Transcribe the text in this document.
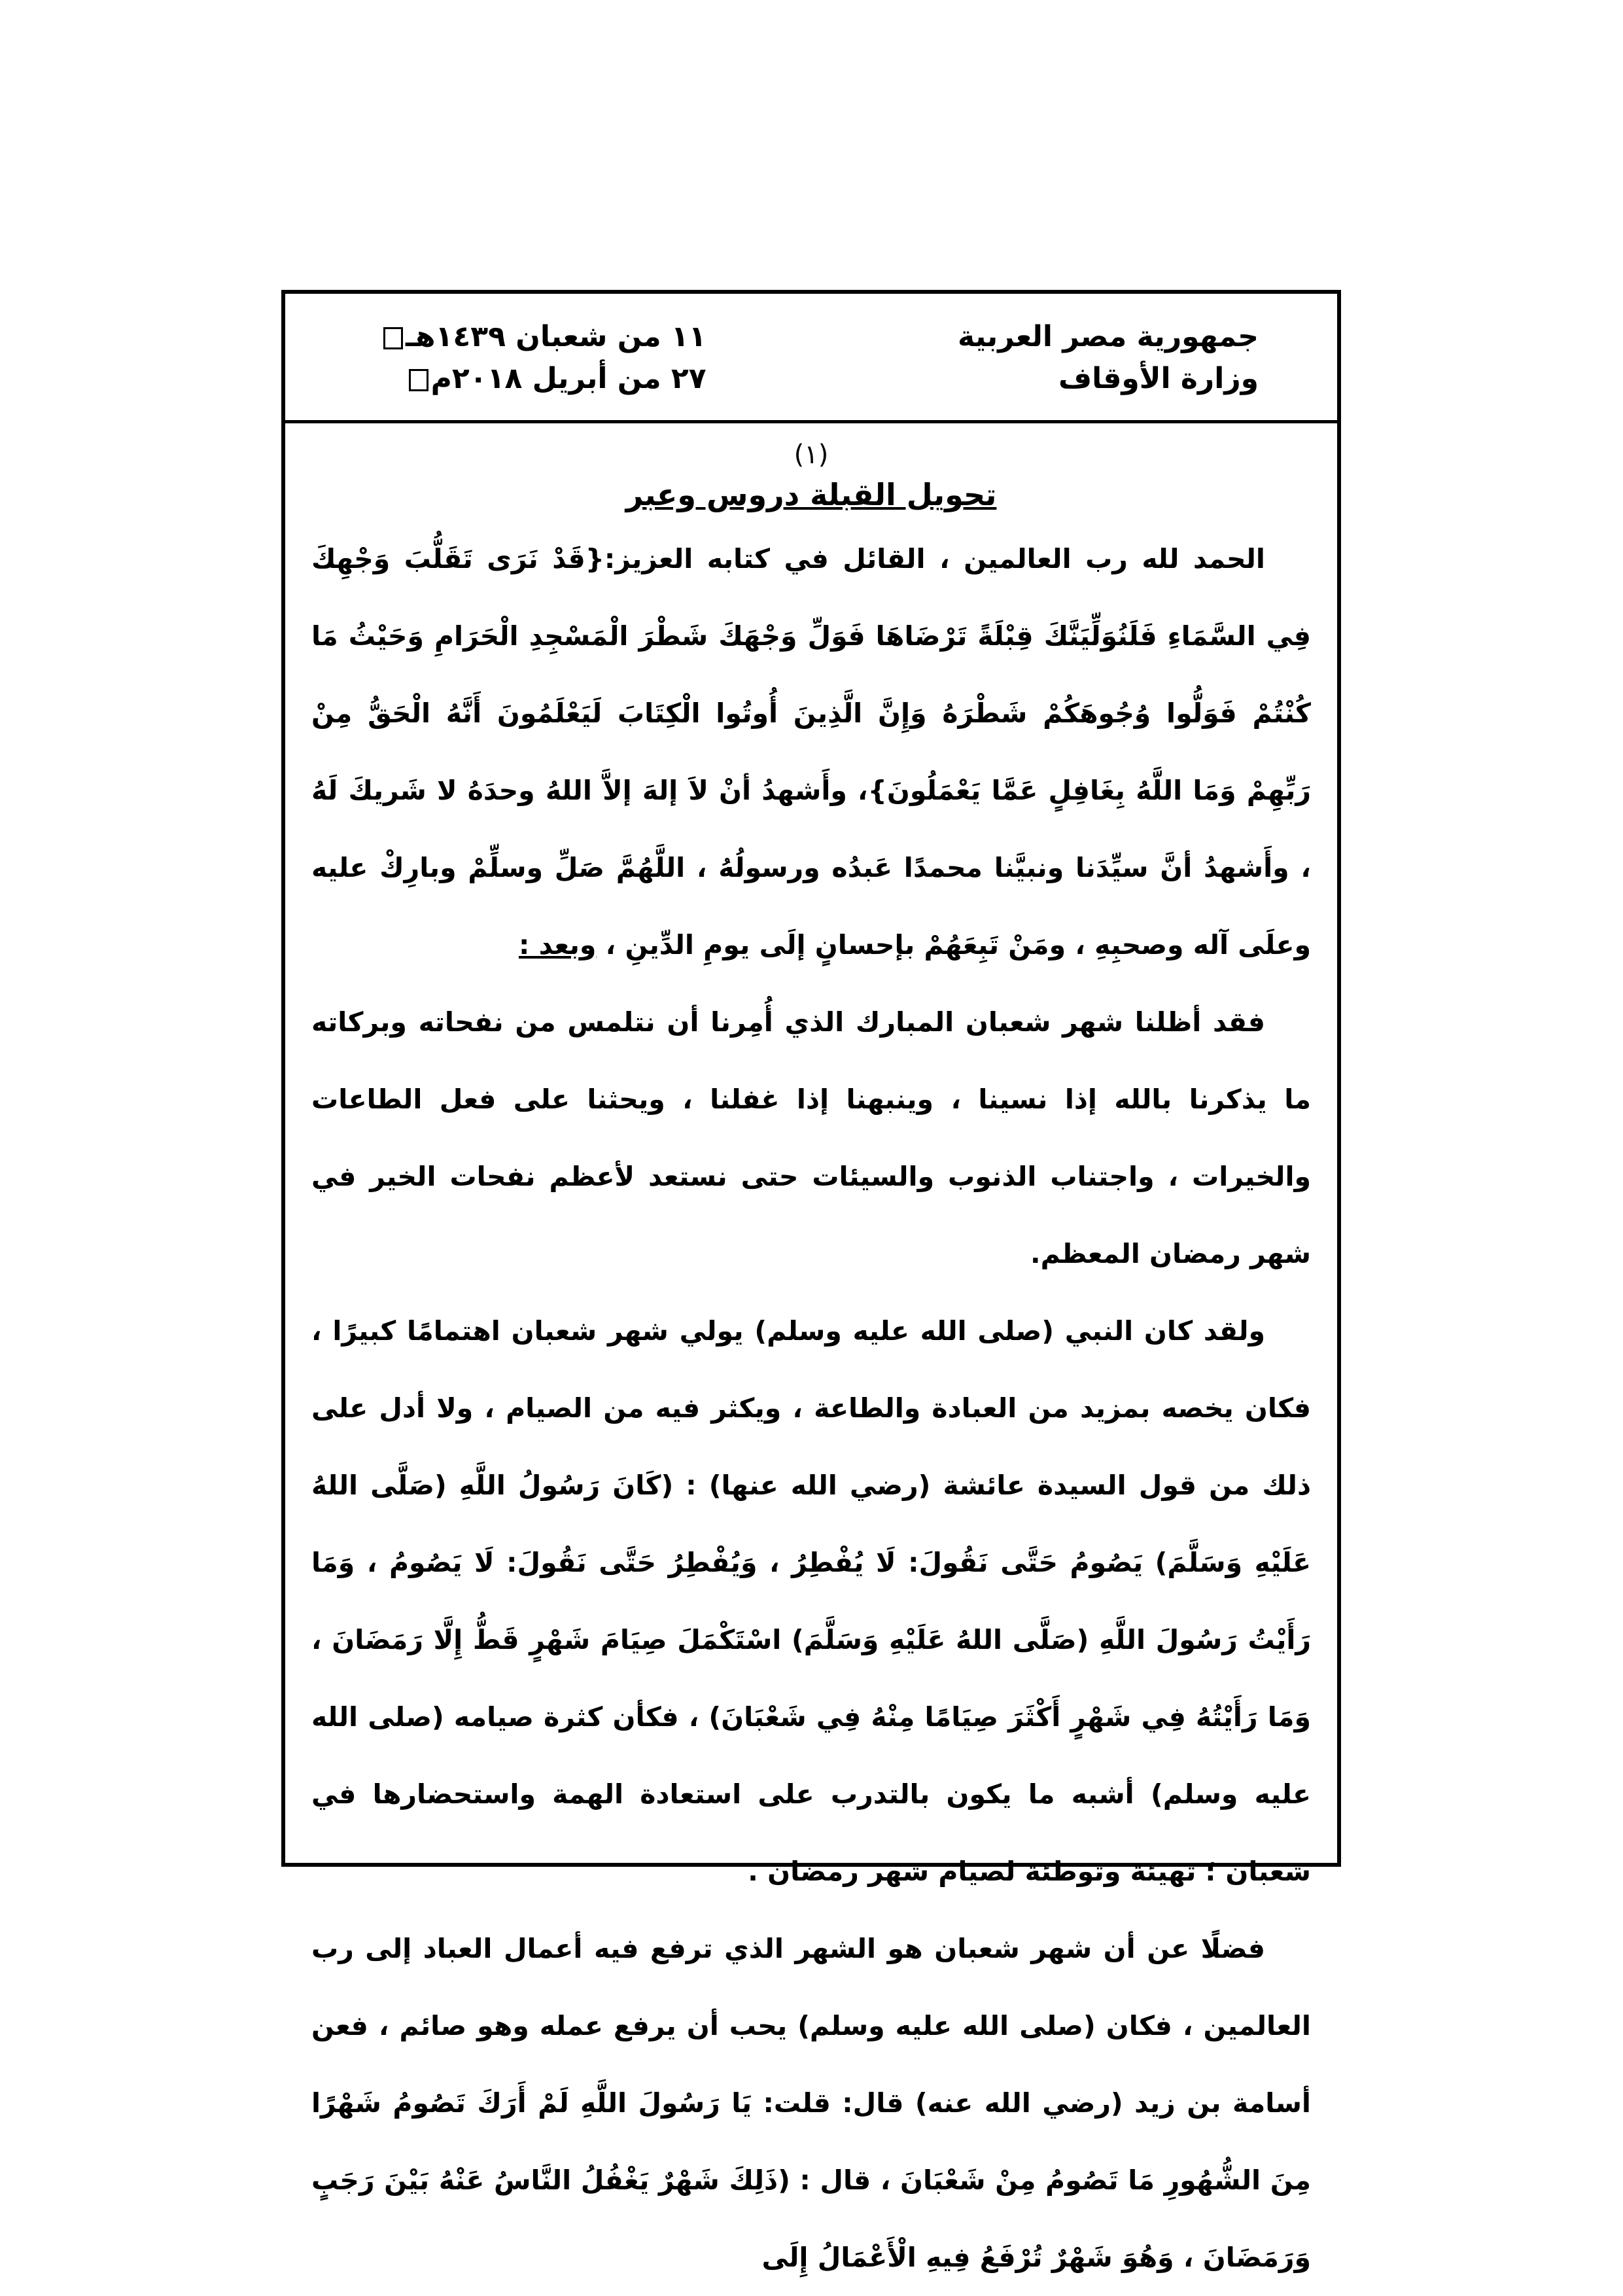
جمهورية مصر العربية
وزارة الأوقاف
١١ من شعبان ١٤٣٩هـ
٢٧ من أبريل ٢٠١٨م
(١)
تحويل القبلة دروس وعبر

الحمد لله رب العالمين ، القائل في كتابه العزيز:{قَدْ نَرَى تَقَلُّبَ وَجْهِكَ فِي السَّمَاءِ فَلَنُوَلِّيَنَّكَ قِبْلَةً تَرْضَاهَا فَوَلِّ وَجْهَكَ شَطْرَ الْمَسْجِدِ الْحَرَامِ وَحَيْثُ مَا كُنْتُمْ فَوَلُّوا وُجُوهَكُمْ شَطْرَهُ وَإِنَّ الَّذِينَ أُوتُوا الْكِتَابَ لَيَعْلَمُونَ أَنَّهُ الْحَقُّ مِنْ رَبِّهِمْ وَمَا اللَّهُ بِغَافِلٍ عَمَّا يَعْمَلُونَ}، وأَشهدُ أنْ لاَ إلهَ إلاَّ اللهُ وحدَهُ لا شَريكَ لَهُ ، وأَشهدُ أنَّ سيِّدَنا ونبيَّنا محمدًا عَبدُه ورسولُهُ ، اللَّهُمَّ صَلِّ وسلِّمْ وبارِكْ عليه وعلَى آله وصحبِهِ ، ومَنْ تَبِعَهُمْ بإحسانٍ إلَى يومِ الدِّينِ ، وبعد :

فقد أظلنا شهر شعبان المبارك الذي أُمِرنا أن نتلمس من نفحاته وبركاته ما يذكرنا بالله إذا نسينا ، وينبهنا إذا غفلنا ، ويحثنا على فعل الطاعات والخيرات ، واجتناب الذنوب والسيئات حتى نستعد لأعظم نفحات الخير في شهر رمضان المعظم.

ولقد كان النبي (صلى الله عليه وسلم) يولي شهر شعبان اهتمامًا كبيرًا ، فكان يخصه بمزيد من العبادة والطاعة ، ويكثر فيه من الصيام ، ولا أدل على ذلك من قول السيدة عائشة (رضي الله عنها) : (كَانَ رَسُولُ اللَّهِ (صَلَّى اللهُ عَلَيْهِ وَسَلَّمَ) يَصُومُ حَتَّى نَقُولَ: لَا يُفْطِرُ ، وَيُفْطِرُ حَتَّى نَقُولَ: لَا يَصُومُ ، وَمَا رَأَيْتُ رَسُولَ اللَّهِ (صَلَّى اللهُ عَلَيْهِ وَسَلَّمَ) اسْتَكْمَلَ صِيَامَ شَهْرٍ قَطُّ إِلَّا رَمَضَانَ ، وَمَا رَأَيْتُهُ فِي شَهْرٍ أَكْثَرَ صِيَامًا مِنْهُ فِي شَعْبَانَ) ، فكأن كثرة صيامه (صلى الله عليه وسلم) أشبه ما يكون بالتدرب على استعادة الهمة واستحضارها في شعبان ؛ تهيئة وتوطئة لصيام شهر رمضان .

فضلًا عن أن شهر شعبان هو الشهر الذي ترفع فيه أعمال العباد إلى رب العالمين ، فكان (صلى الله عليه وسلم) يحب أن يرفع عمله وهو صائم ، فعن أسامة بن زيد (رضي الله عنه) قال: قلت: يَا رَسُولَ اللَّهِ لَمْ أَرَكَ تَصُومُ شَهْرًا مِنَ الشُّهُورِ مَا تَصُومُ مِنْ شَعْبَانَ ، قال : (ذَلِكَ شَهْرٌ يَغْفُلُ النَّاسُ عَنْهُ بَيْنَ رَجَبٍ وَرَمَضَانَ ، وَهُوَ شَهْرٌ تُرْفَعُ فِيهِ الْأَعْمَالُ إِلَى
